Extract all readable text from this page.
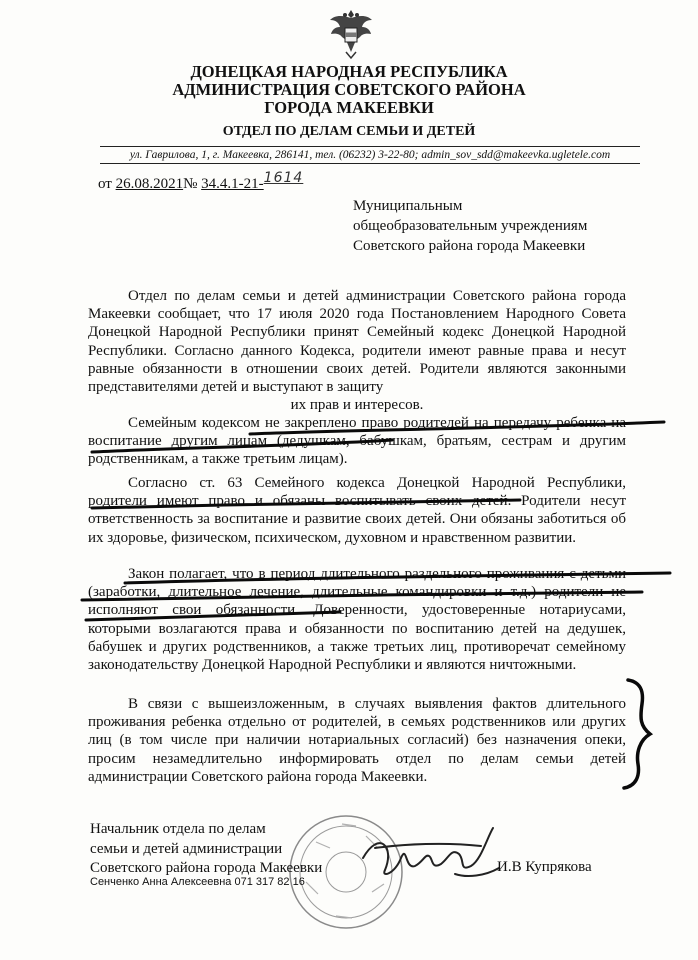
ДОНЕЦКАЯ НАРОДНАЯ РЕСПУБЛИКА
АДМИНИСТРАЦИЯ СОВЕТСКОГО РАЙОНА
ГОРОДА МАКЕЕВКИ
ОТДЕЛ ПО ДЕЛАМ СЕМЬИ И ДЕТЕЙ
ул. Гаврилова, 1, г. Макеевка, 286141, тел. (06232) 3-22-80; admin_sov_sdd@makeevka.ugletele.com
от 26.08.2021№ 34.4.1-21-1614
Муниципальным
общеобразовательным учреждениям
Советского района города Макеевки

Отдел по делам семьи и детей администрации Советского района города Макеевки сообщает, что 17 июля 2020 года Постановлением Народного Совета Донецкой Народной Республики принят Семейный кодекс Донецкой Народной Республики. Согласно данного Кодекса, родители имеют равные права и несут равные обязанности в отношении своих детей. Родители являются законными представителями детей и выступают в защиту

их прав и интересов.

Семейным кодексом не закреплено право родителей на передачу ребенка на воспитание другим лицам (дедушкам, бабушкам, братьям, сестрам и другим родственникам, а также третьим лицам).

Согласно ст. 63 Семейного кодекса Донецкой Народной Республики, родители имеют право и обязаны воспитывать своих детей. Родители несут ответственность за воспитание и развитие своих детей. Они обязаны заботиться об их здоровье, физическом, психическом, духовном и нравственном развитии.

Закон полагает, что в период длительного раздельного проживания с детьми (заработки, длительное лечение, длительные командировки и т.д.) родители не исполняют свои обязанности. Доверенности, удостоверенные нотариусами, которыми возлагаются права и обязанности по воспитанию детей на дедушек, бабушек и других родственников, а также третьих лиц, противоречат семейному законодательству Донецкой Народной Республики и являются ничтожными.

В связи с вышеизложенным, в случаях выявления фактов длительного проживания ребенка отдельно от родителей, в семьях родственников или других лиц (в том числе при наличии нотариальных согласий) без назначения опеки, просим незамедлительно информировать отдел по делам семьи детей администрации Советского района города Макеевки.

Начальник отдела по делам
семьи и детей администрации
Советского района города Макеевки
Сенченко Анна Алексеевна 071 317 82 16
И.В Купрякова
